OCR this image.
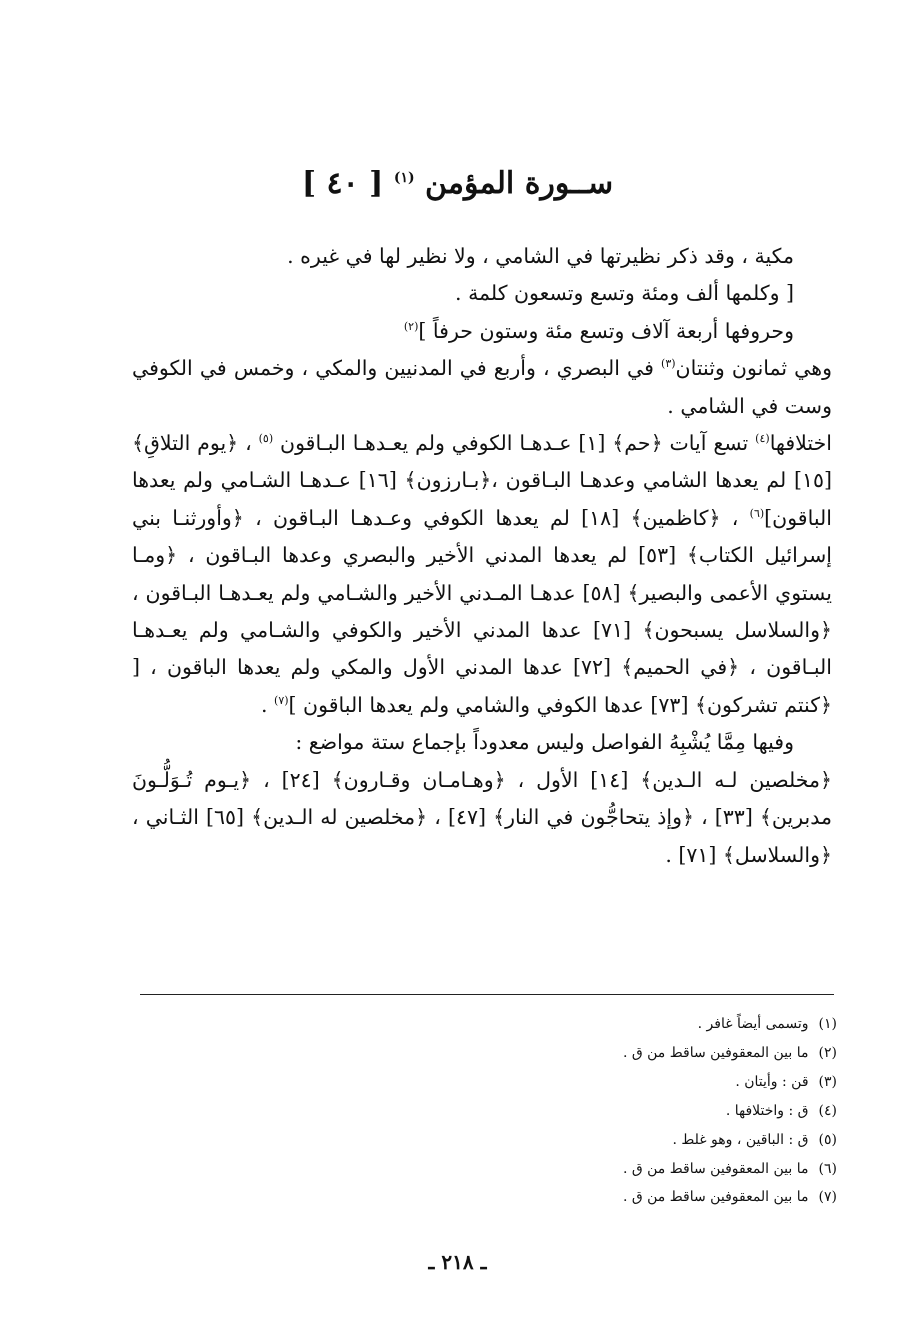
ســورة المؤمن $^{(١)}$ [ ٤٠ ]

مكية ، وقد ذكر نظيرتها في الشامي ، ولا نظير لها في غيره .

[ وكلمها ألف ومئة وتسع وتسعون كلمة .

وحروفها أربعة آلاف وتسع مئة وستون حرفاً ]$^{(٢)}$

وهي ثمانون وثنتان$^{(٣)}$ في البصري ، وأربع في المدنيين والمكي ، وخمس في الكوفي وست في الشامي .

اختلافها$^{(٤)}$ تسع آيات ﴿حم﴾ [١] عـدهـا الكوفي ولم يعـدهـا البـاقون $^{(٥)}$ ، ﴿يوم التلاقِ﴾ [١٥] لم يعدها الشامي وعدهـا البـاقون ،﴿بـارزون﴾ [١٦] عـدهـا الشـامي ولم يعدها الباقون]$^{(٦)}$ ، ﴿كاظمين﴾ [١٨] لم يعدها الكوفي وعـدهـا البـاقون ، ﴿وأورثنـا بني إسرائيل الكتاب﴾ [٥٣] لم يعدها المدني الأخير والبصري وعدها البـاقون ، ﴿ومـا يستوي الأعمى والبصير﴾ [٥٨] عدهـا المـدني الأخير والشـامي ولم يعـدهـا البـاقون ، ﴿والسلاسل يسبحون﴾ [٧١] عدها المدني الأخير والكوفي والشـامي ولم يعـدهـا البـاقون ، ﴿في الحميم﴾ [٧٢] عدها المدني الأول والمكي ولم يعدها الباقون ، [ ﴿كنتم تشركون﴾ [٧٣] عدها الكوفي والشامي ولم يعدها الباقون ]$^{(٧)}$ .

وفيها مِمَّا يُشْبِهُ الفواصل وليس معدوداً بإجماع ستة مواضع :

﴿مخلصين لـه الـدين﴾ [١٤] الأول ، ﴿وهـامـان وقـارون﴾ [٢٤] ، ﴿يـوم تُـوَلُّـونَ مدبرين﴾ [٣٣] ، ﴿وإذ يتحاجُّون في النار﴾ [٤٧] ، ﴿مخلصين له الـدين﴾ [٦٥] الثـاني ، ﴿والسلاسل﴾ [٧١] .

(١)وتسمى أيضاً غافر .
(٢)ما بين المعقوفين ساقط من ق .
(٣)قن : وأيتان .
(٤)ق : واختلافها .
(٥)ق : الباقين ، وهو غلط .
(٦)ما بين المعقوفين ساقط من ق .
(٧)ما بين المعقوفين ساقط من ق .
ـ ٢١٨ ـ
